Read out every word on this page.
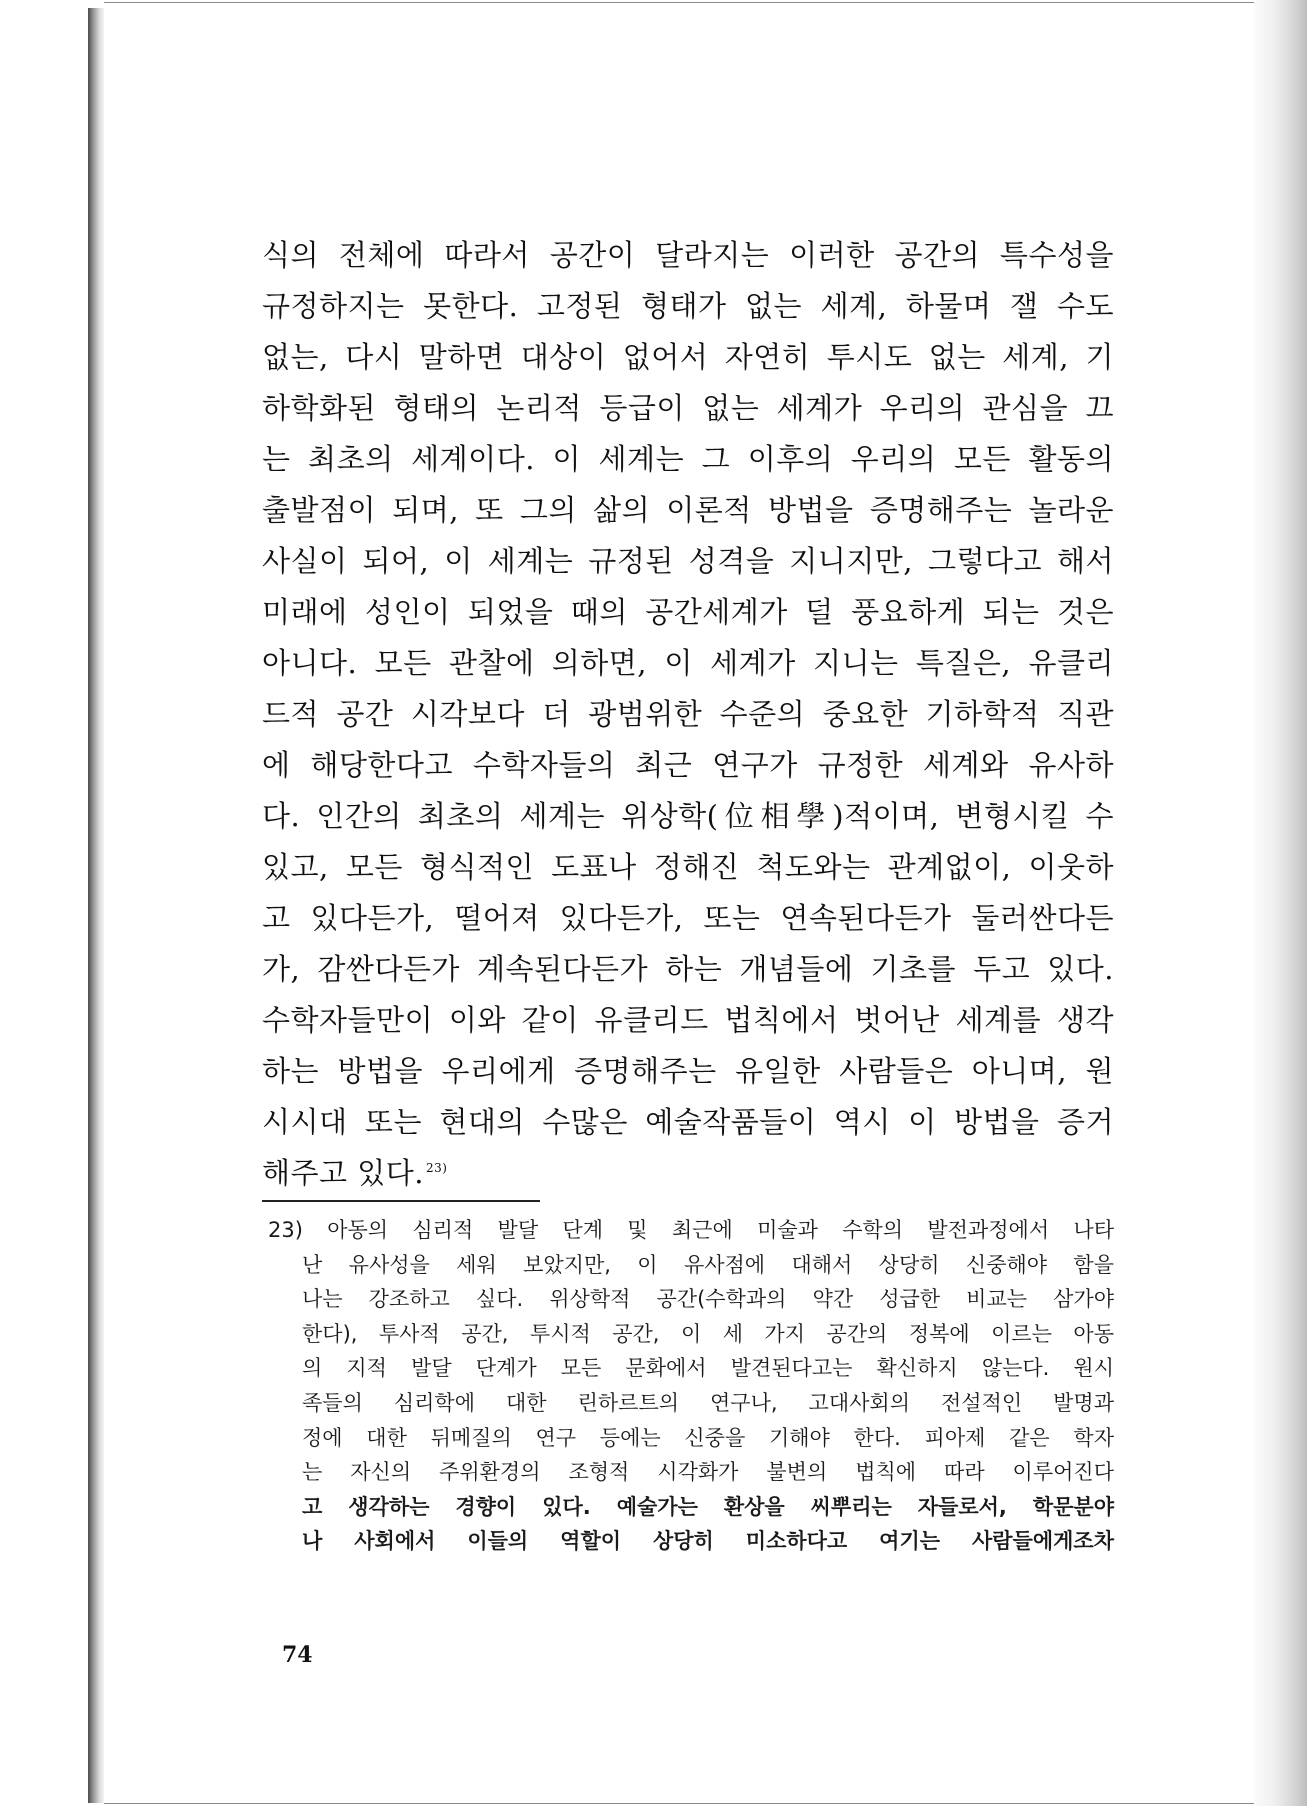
식의 전체에 따라서 공간이 달라지는 이러한 공간의 특수성을
규정하지는 못한다. 고정된 형태가 없는 세계, 하물며 잴 수도
없는, 다시 말하면 대상이 없어서 자연히 투시도 없는 세계, 기
하학화된 형태의 논리적 등급이 없는 세계가 우리의 관심을 끄
는 최초의 세계이다. 이 세계는 그 이후의 우리의 모든 활동의
출발점이 되며, 또 그의 삶의 이론적 방법을 증명해주는 놀라운
사실이 되어, 이 세계는 규정된 성격을 지니지만, 그렇다고 해서
미래에 성인이 되었을 때의 공간세계가 덜 풍요하게 되는 것은
아니다. 모든 관찰에 의하면, 이 세계가 지니는 특질은, 유클리
드적 공간 시각보다 더 광범위한 수준의 중요한 기하학적 직관
에 해당한다고 수학자들의 최근 연구가 규정한 세계와 유사하
다. 인간의 최초의 세계는 위상학(位相學)적이며, 변형시킬 수
있고, 모든 형식적인 도표나 정해진 척도와는 관계없이, 이웃하
고 있다든가, 떨어져 있다든가, 또는 연속된다든가 둘러싼다든
가, 감싼다든가 계속된다든가 하는 개념들에 기초를 두고 있다.
수학자들만이 이와 같이 유클리드 법칙에서 벗어난 세계를 생각
하는 방법을 우리에게 증명해주는 유일한 사람들은 아니며, 원
시시대 또는 현대의 수많은 예술작품들이 역시 이 방법을 증거
해주고 있다. $^{23)}$
23) 아동의 심리적 발달 단계 및 최근에 미술과 수학의 발전과정에서 나타
난 유사성을 세워 보았지만, 이 유사점에 대해서 상당히 신중해야 함을
나는 강조하고 싶다. 위상학적 공간(수학과의 약간 성급한 비교는 삼가야
한다), 투사적 공간, 투시적 공간, 이 세 가지 공간의 정복에 이르는 아동
의 지적 발달 단계가 모든 문화에서 발견된다고는 확신하지 않는다. 원시
족들의 심리학에 대한 린하르트의 연구나, 고대사회의 전설적인 발명과
정에 대한 뒤메질의 연구 등에는 신중을 기해야 한다. 피아제 같은 학자
는 자신의 주위환경의 조형적 시각화가 불변의 법칙에 따라 이루어진다
고 생각하는 경향이 있다. 예술가는 환상을 씨뿌리는 자들로서, 학문분야
나 사회에서 이들의 역할이 상당히 미소하다고 여기는 사람들에게조차
74
